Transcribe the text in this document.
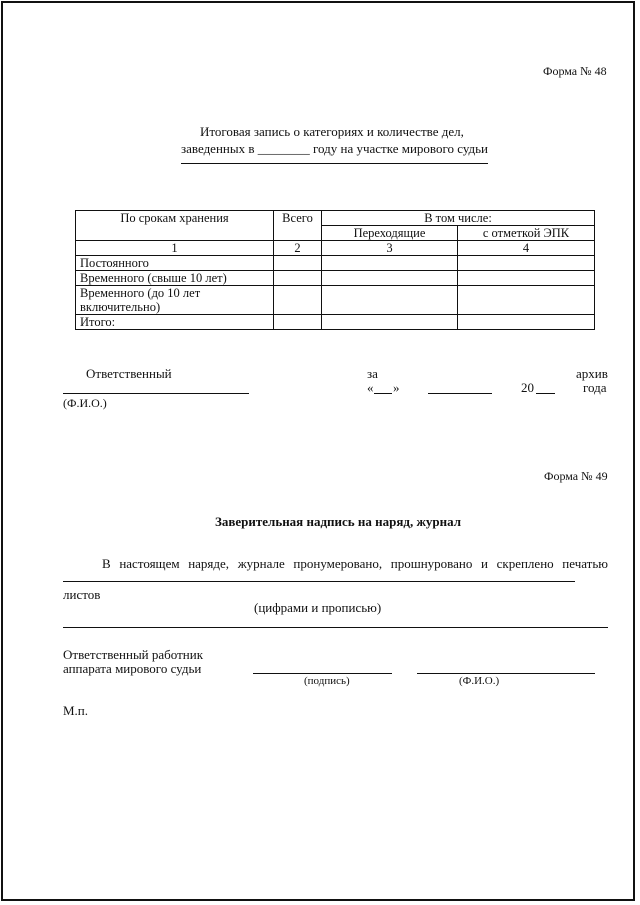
Форма № 48
Итоговая запись о категориях и количестве дел,
заведенных в ________ году на участке мирового судьи
По срокам хранения	Всего	В том числе:	
		Переходящие	с отметкой ЭПК
1	2	3	4
Постоянного			
Временного (свыше 10 лет)			
Временного (до 10 лет включительно)			
Итого:			
Ответственный	за	архив
« »	20	года
(Ф.И.О.)
Форма № 49
Заверительная надпись на наряд, журнал
В настоящем наряде, журнале пронумеровано, прошнуровано и скреплено печатью
листов
(цифрами и прописью)
Ответственный работник
аппарата мирового судьи
(подпись)	(Ф.И.О.)
М.п.
